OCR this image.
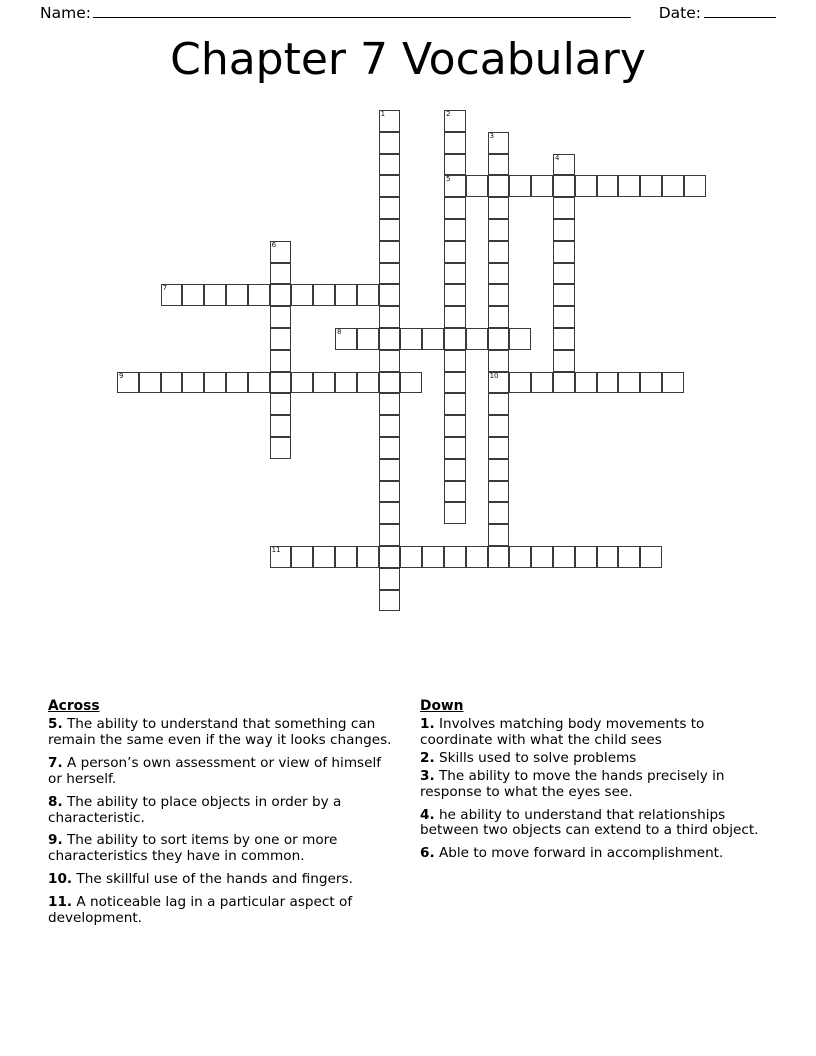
Name:	Date:
Chapter 7 Vocabulary
1	2
3
4
5
6
7
8
9	10
11
Across
5. The ability to understand that something can remain the same even if the way it looks changes.
7. A person’s own assessment or view of himself or herself.
8. The ability to place objects in order by a characteristic.
9. The ability to sort items by one or more characteristics they have in common.
10. The skillful use of the hands and fingers.
11. A noticeable lag in a particular aspect of development.
Down
1. Involves matching body movements to coordinate with what the child sees
2. Skills used to solve problems
3. The ability to move the hands precisely in response to what the eyes see.
4. he ability to understand that relationships between two objects can extend to a third object.
6. Able to move forward in accomplishment.
